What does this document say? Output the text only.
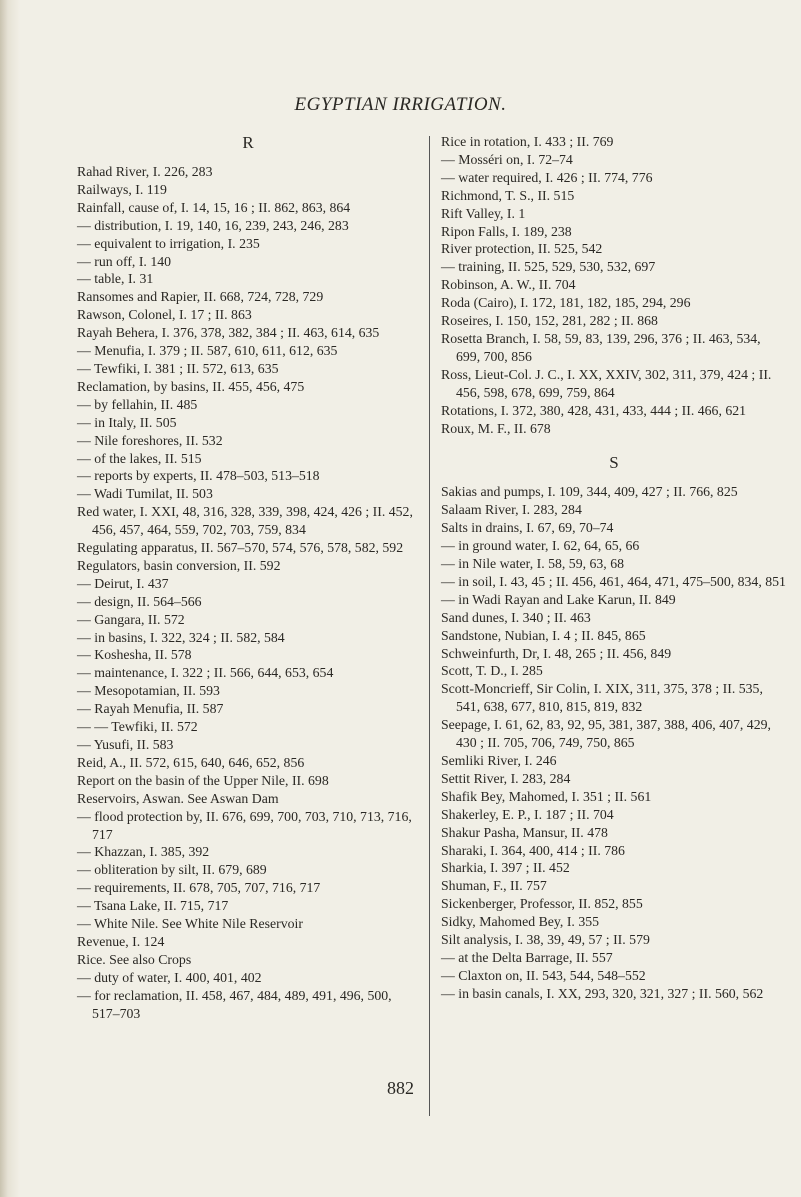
EGYPTIAN IRRIGATION.
R

Rahad River, I. 226, 283

Railways, I. 119

Rainfall, cause of, I. 14, 15, 16 ; II. 862, 863, 864

— distribution, I. 19, 140, 16, 239, 243, 246, 283

— equivalent to irrigation, I. 235

— run off, I. 140

— table, I. 31

Ransomes and Rapier, II. 668, 724, 728, 729

Rawson, Colonel, I. 17 ; II. 863

Rayah Behera, I. 376, 378, 382, 384 ; II. 463, 614, 635

— Menufia, I. 379 ; II. 587, 610, 611, 612, 635

— Tewfiki, I. 381 ; II. 572, 613, 635

Reclamation, by basins, II. 455, 456, 475

— by fellahin, II. 485

— in Italy, II. 505

— Nile foreshores, II. 532

— of the lakes, II. 515

— reports by experts, II. 478–503, 513–518

— Wadi Tumilat, II. 503

Red water, I. XXI, 48, 316, 328, 339, 398, 424, 426 ; II. 452, 456, 457, 464, 559, 702, 703, 759, 834

Regulating apparatus, II. 567–570, 574, 576, 578, 582, 592

Regulators, basin conversion, II. 592

— Deirut, I. 437

— design, II. 564–566

— Gangara, II. 572

— in basins, I. 322, 324 ; II. 582, 584

— Koshesha, II. 578

— maintenance, I. 322 ; II. 566, 644, 653, 654

— Mesopotamian, II. 593

— Rayah Menufia, II. 587

— — Tewfiki, II. 572

— Yusufi, II. 583

Reid, A., II. 572, 615, 640, 646, 652, 856

Report on the basin of the Upper Nile, II. 698

Reservoirs, Aswan. See Aswan Dam

— flood protection by, II. 676, 699, 700, 703, 710, 713, 716, 717

— Khazzan, I. 385, 392

— obliteration by silt, II. 679, 689

— requirements, II. 678, 705, 707, 716, 717

— Tsana Lake, II. 715, 717

— White Nile. See White Nile Reservoir

Revenue, I. 124

Rice. See also Crops

— duty of water, I. 400, 401, 402

— for reclamation, II. 458, 467, 484, 489, 491, 496, 500, 517–703

Rice in rotation, I. 433 ; II. 769

— Mosséri on, I. 72–74

— water required, I. 426 ; II. 774, 776

Richmond, T. S., II. 515

Rift Valley, I. 1

Ripon Falls, I. 189, 238

River protection, II. 525, 542

— training, II. 525, 529, 530, 532, 697

Robinson, A. W., II. 704

Roda (Cairo), I. 172, 181, 182, 185, 294, 296

Roseires, I. 150, 152, 281, 282 ; II. 868

Rosetta Branch, I. 58, 59, 83, 139, 296, 376 ; II. 463, 534, 699, 700, 856

Ross, Lieut-Col. J. C., I. XX, XXIV, 302, 311, 379, 424 ; II. 456, 598, 678, 699, 759, 864

Rotations, I. 372, 380, 428, 431, 433, 444 ; II. 466, 621

Roux, M. F., II. 678

S

Sakias and pumps, I. 109, 344, 409, 427 ; II. 766, 825

Salaam River, I. 283, 284

Salts in drains, I. 67, 69, 70–74

— in ground water, I. 62, 64, 65, 66

— in Nile water, I. 58, 59, 63, 68

— in soil, I. 43, 45 ; II. 456, 461, 464, 471, 475–500, 834, 851

— in Wadi Rayan and Lake Karun, II. 849

Sand dunes, I. 340 ; II. 463

Sandstone, Nubian, I. 4 ; II. 845, 865

Schweinfurth, Dr, I. 48, 265 ; II. 456, 849

Scott, T. D., I. 285

Scott-Moncrieff, Sir Colin, I. XIX, 311, 375, 378 ; II. 535, 541, 638, 677, 810, 815, 819, 832

Seepage, I. 61, 62, 83, 92, 95, 381, 387, 388, 406, 407, 429, 430 ; II. 705, 706, 749, 750, 865

Semliki River, I. 246

Settit River, I. 283, 284

Shafik Bey, Mahomed, I. 351 ; II. 561

Shakerley, E. P., I. 187 ; II. 704

Shakur Pasha, Mansur, II. 478

Sharaki, I. 364, 400, 414 ; II. 786

Sharkia, I. 397 ; II. 452

Shuman, F., II. 757

Sickenberger, Professor, II. 852, 855

Sidky, Mahomed Bey, I. 355

Silt analysis, I. 38, 39, 49, 57 ; II. 579

— at the Delta Barrage, II. 557

— Claxton on, II. 543, 544, 548–552

— in basin canals, I. XX, 293, 320, 321, 327 ; II. 560, 562

882
